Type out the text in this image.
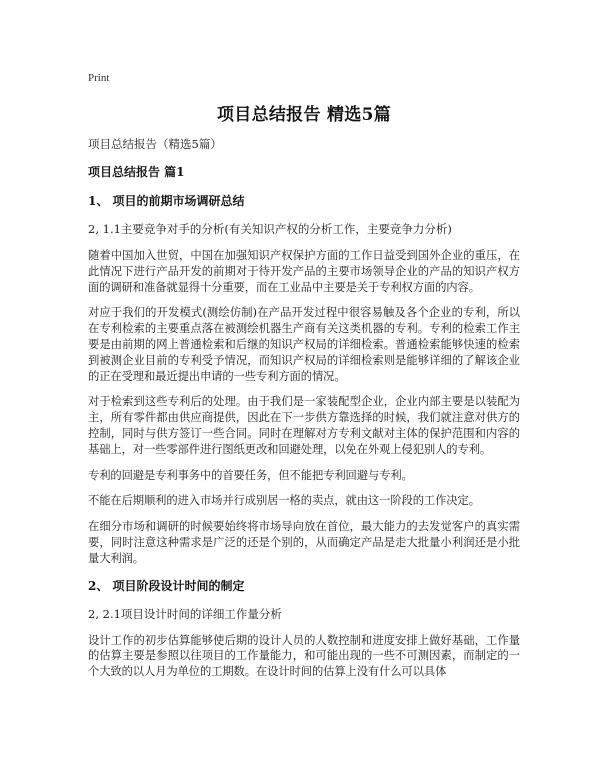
Print
项目总结报告 精选5篇
项目总结报告（精选5篇）
项目总结报告 篇1
1、 项目的前期市场调研总结
2, 1.1主要竞争对手的分析(有关知识产权的分析工作，主要竞争力分析)

随着中国加入世贸，中国在加强知识产权保护方面的工作日益受到国外企业的重压，在此情况下进行产品开发的前期对于待开发产品的主要市场领导企业的产品的知识产权方面的调研和准备就显得十分重要，而在工业品中主要是关于专利权方面的内容。

对应于我们的开发模式(测绘仿制)在产品开发过程中很容易触及各个企业的专利，所以在专利检索的主要重点落在被测绘机器生产商有关这类机器的专利。专利的检索工作主要是由前期的网上普通检索和后继的知识产权局的详细检索。普通检索能够快速的检索到被测企业目前的专利受予情况，而知识产权局的详细检索则是能够详细的了解该企业的正在受理和最近提出申请的一些专利方面的情况。

对于检索到这些专利后的处理。由于我们是一家装配型企业，企业内部主要是以装配为主，所有零件都由供应商提供，因此在下一步供方靠选择的时候，我们就注意对供方的控制，同时与供方签订一些合同。同时在理解对方专利文献对主体的保护范围和内容的基础上，对一些零部件进行图纸更改和回避处理，以免在外观上侵犯别人的专利。

专利的回避是专利事务中的首要任务，但不能把专利回避与专利。

不能在后期顺利的进入市场并行成别居一格的卖点，就由这一阶段的工作决定。

在细分市场和调研的时候要始终将市场导向放在首位，最大能力的去发觉客户的真实需要，同时注意这种需求是广泛的还是个别的，从而确定产品是走大批量小利润还是小批量大利润。

2、 项目阶段设计时间的制定
2, 2.1项目设计时间的详细工作量分析

设计工作的初步估算能够使后期的设计人员的人数控制和进度安排上做好基础，工作量的估算主要是参照以往项目的工作量能力，和可能出现的一些不可测因素，而制定的一个大致的以人月为单位的工期数。在设计时间的估算上没有什么可以具体
